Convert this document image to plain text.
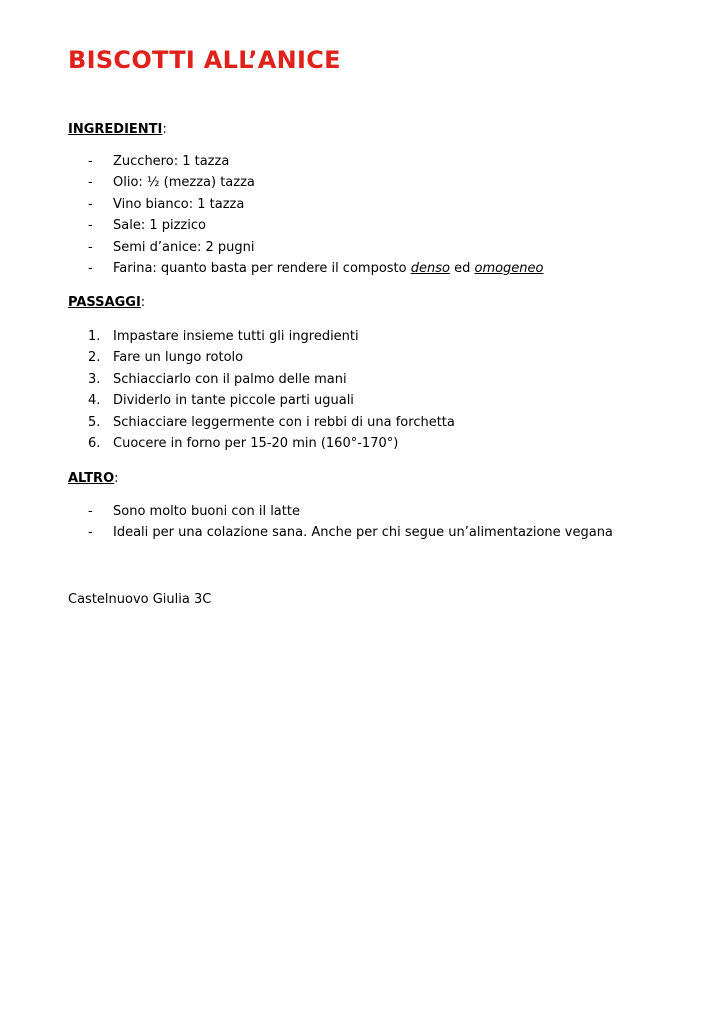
BISCOTTI ALL’ANICE
INGREDIENTI:
- Zucchero: 1 tazza
- Olio: ½ (mezza) tazza
- Vino bianco: 1 tazza
- Sale: 1 pizzico
- Semi d’anice: 2 pugni
- Farina: quanto basta per rendere il composto denso ed omogeneo
PASSAGGI:
1. Impastare insieme tutti gli ingredienti
2. Fare un lungo rotolo
3. Schiacciarlo con il palmo delle mani
4. Dividerlo in tante piccole parti uguali
5. Schiacciare leggermente con i rebbi di una forchetta
6. Cuocere in forno per 15-20 min (160°-170°)
ALTRO:
- Sono molto buoni con il latte
- Ideali per una colazione sana. Anche per chi segue un’alimentazione vegana
Castelnuovo Giulia 3C
